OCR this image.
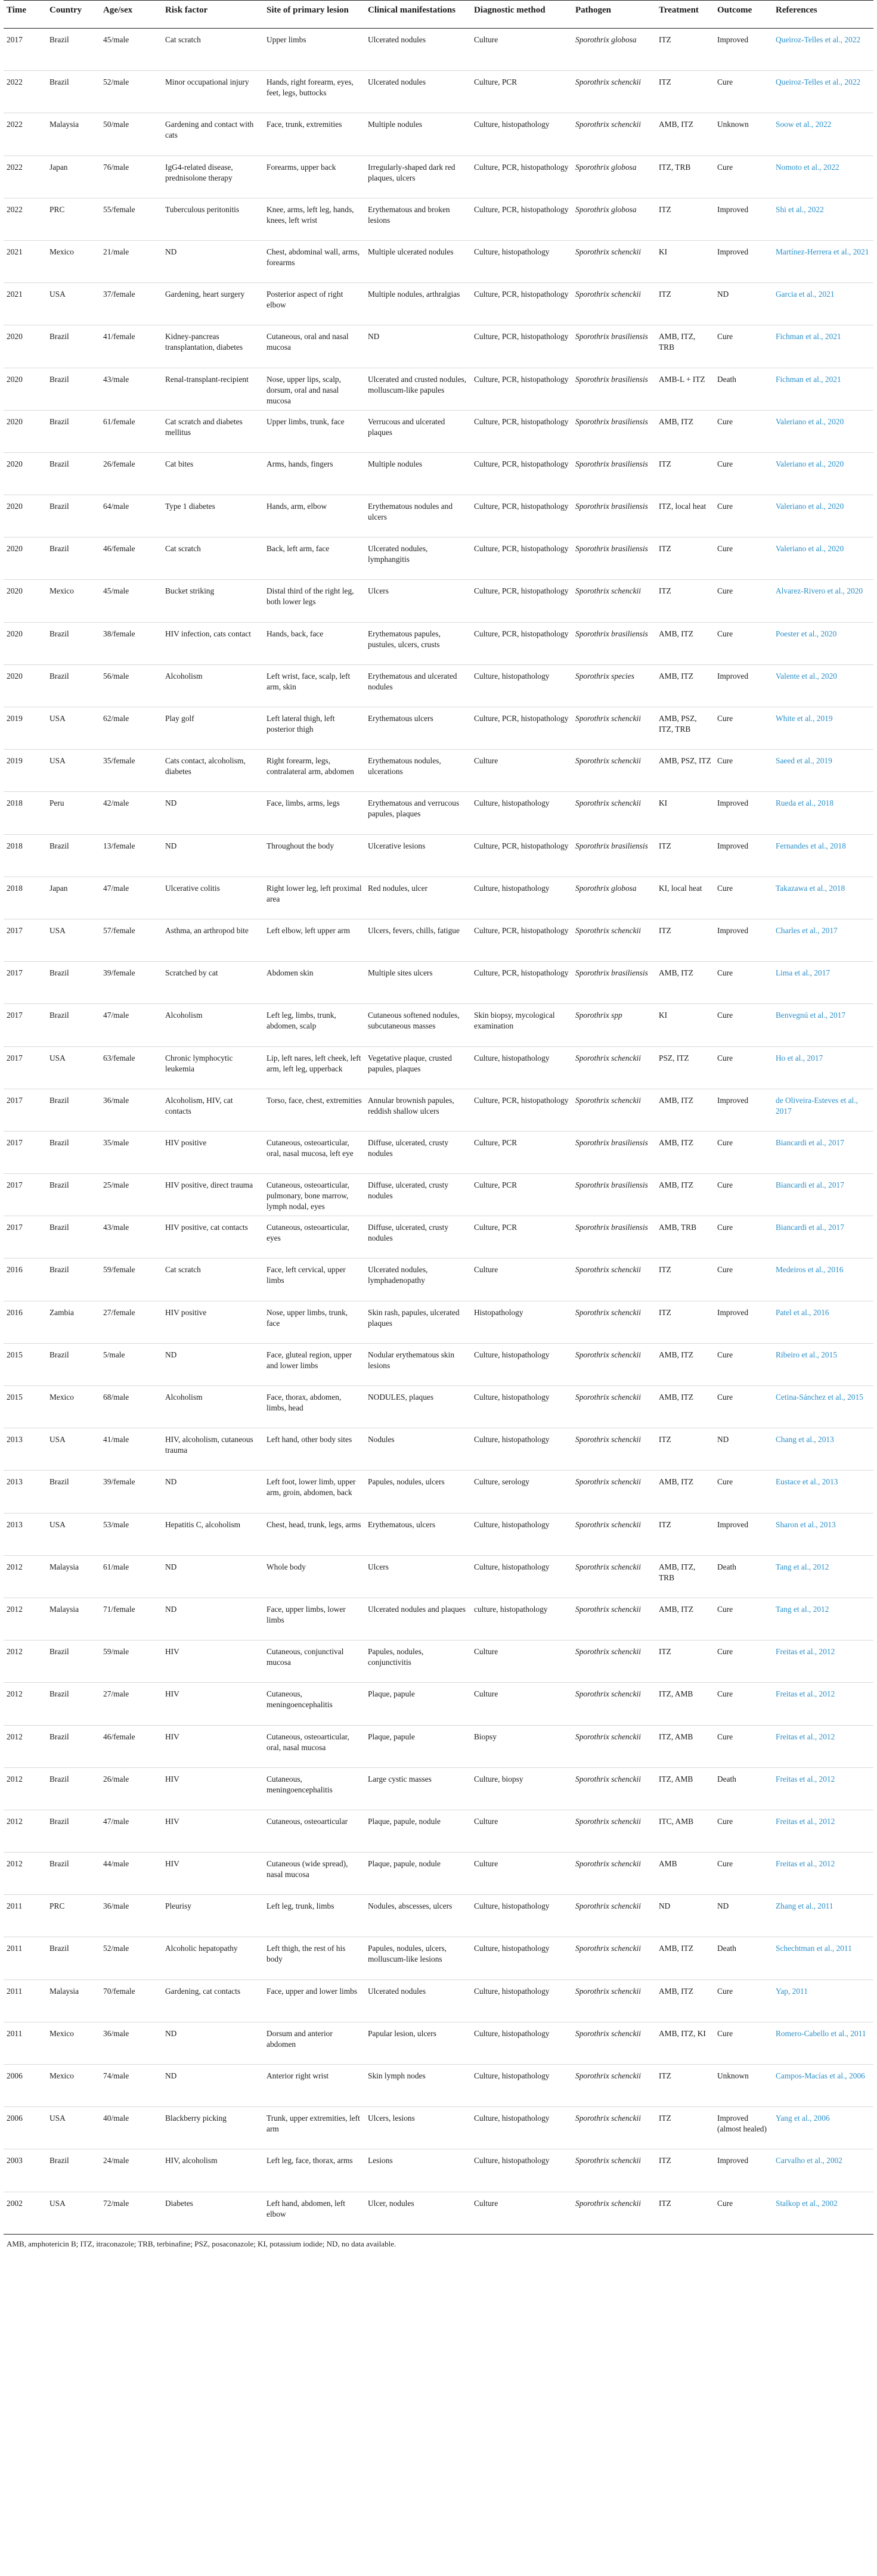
Time	Country	Age/sex	Risk factor	Site of primary lesion	Clinical manifestations	Diagnostic method	Pathogen	Treatment	Outcome	References
2017	Brazil	45/male	Cat scratch	Upper limbs	Ulcerated nodules	Culture	Sporothrix globosa	ITZ	Improved	Queiroz-Telles et al., 2022
2022	Brazil	52/male	Minor occupational injury	Hands, right forearm, eyes, feet, legs, buttocks	Ulcerated nodules	Culture, PCR	Sporothrix schenckii	ITZ	Cure	Queiroz-Telles et al., 2022
2022	Malaysia	50/male	Gardening and contact with cats	Face, trunk, extremities	Multiple nodules	Culture, histopathology	Sporothrix schenckii	AMB, ITZ	Unknown	Soow et al., 2022
2022	Japan	76/male	IgG4-related disease, prednisolone therapy	Forearms, upper back	Irregularly-shaped dark red plaques, ulcers	Culture, PCR, histopathology	Sporothrix globosa	ITZ, TRB	Cure	Nomoto et al., 2022
2022	PRC	55/female	Tuberculous peritonitis	Knee, arms, left leg, hands, knees, left wrist	Erythematous and broken lesions	Culture, PCR, histopathology	Sporothrix globosa	ITZ	Improved	Shi et al., 2022
2021	Mexico	21/male	ND	Chest, abdominal wall, arms, forearms	Multiple ulcerated nodules	Culture, histopathology	Sporothrix schenckii	KI	Improved	Martínez-Herrera et al., 2021
2021	USA	37/female	Gardening, heart surgery	Posterior aspect of right elbow	Multiple nodules, arthralgias	Culture, PCR, histopathology	Sporothrix schenckii	ITZ	ND	Garcia et al., 2021
2020	Brazil	41/female	Kidney-pancreas transplantation, diabetes	Cutaneous, oral and nasal mucosa	ND	Culture, PCR, histopathology	Sporothrix brasiliensis	AMB, ITZ, TRB	Cure	Fichman et al., 2021
2020	Brazil	43/male	Renal-transplant-recipient	Nose, upper lips, scalp, dorsum, oral and nasal mucosa	Ulcerated and crusted nodules, molluscum-like papules	Culture, PCR, histopathology	Sporothrix brasiliensis	AMB-L + ITZ	Death	Fichman et al., 2021
2020	Brazil	61/female	Cat scratch and diabetes mellitus	Upper limbs, trunk, face	Verrucous and ulcerated plaques	Culture, PCR, histopathology	Sporothrix brasiliensis	AMB, ITZ	Cure	Valeriano et al., 2020
2020	Brazil	26/female	Cat bites	Arms, hands, fingers	Multiple nodules	Culture, PCR, histopathology	Sporothrix brasiliensis	ITZ	Cure	Valeriano et al., 2020
2020	Brazil	64/male	Type 1 diabetes	Hands, arm, elbow	Erythematous nodules and ulcers	Culture, PCR, histopathology	Sporothrix brasiliensis	ITZ, local heat	Cure	Valeriano et al., 2020
2020	Brazil	46/female	Cat scratch	Back, left arm, face	Ulcerated nodules, lymphangitis	Culture, PCR, histopathology	Sporothrix brasiliensis	ITZ	Cure	Valeriano et al., 2020
2020	Mexico	45/male	Bucket striking	Distal third of the right leg, both lower legs	Ulcers	Culture, PCR, histopathology	Sporothrix schenckii	ITZ	Cure	Alvarez-Rivero et al., 2020
2020	Brazil	38/female	HIV infection, cats contact	Hands, back, face	Erythematous papules, pustules, ulcers, crusts	Culture, PCR, histopathology	Sporothrix brasiliensis	AMB, ITZ	Cure	Poester et al., 2020
2020	Brazil	56/male	Alcoholism	Left wrist, face, scalp, left arm, skin	Erythematous and ulcerated nodules	Culture, histopathology	Sporothrix species	AMB, ITZ	Improved	Valente et al., 2020
2019	USA	62/male	Play golf	Left lateral thigh, left posterior thigh	Erythematous ulcers	Culture, PCR, histopathology	Sporothrix schenckii	AMB, PSZ, ITZ, TRB	Cure	White et al., 2019
2019	USA	35/female	Cats contact, alcoholism, diabetes	Right forearm, legs, contralateral arm, abdomen	Erythematous nodules, ulcerations	Culture	Sporothrix schenckii	AMB, PSZ, ITZ	Cure	Saeed et al., 2019
2018	Peru	42/male	ND	Face, limbs, arms, legs	Erythematous and verrucous papules, plaques	Culture, histopathology	Sporothrix schenckii	KI	Improved	Rueda et al., 2018
2018	Brazil	13/female	ND	Throughout the body	Ulcerative lesions	Culture, PCR, histopathology	Sporothrix brasiliensis	ITZ	Improved	Fernandes et al., 2018
2018	Japan	47/male	Ulcerative colitis	Right lower leg, left proximal area	Red nodules, ulcer	Culture, histopathology	Sporothrix globosa	KI, local heat	Cure	Takazawa et al., 2018
2017	USA	57/female	Asthma, an arthropod bite	Left elbow, left upper arm	Ulcers, fevers, chills, fatigue	Culture, PCR, histopathology	Sporothrix schenckii	ITZ	Improved	Charles et al., 2017
2017	Brazil	39/female	Scratched by cat	Abdomen skin	Multiple sites ulcers	Culture, PCR, histopathology	Sporothrix brasiliensis	AMB, ITZ	Cure	Lima et al., 2017
2017	Brazil	47/male	Alcoholism	Left leg, limbs, trunk, abdomen, scalp	Cutaneous softened nodules, subcutaneous masses	Skin biopsy, mycological examination	Sporothrix spp	KI	Cure	Benvegnú et al., 2017
2017	USA	63/female	Chronic lymphocytic leukemia	Lip, left nares, left cheek, left arm, left leg, upperback	Vegetative plaque, crusted papules, plaques	Culture, histopathology	Sporothrix schenckii	PSZ, ITZ	Cure	Ho et al., 2017
2017	Brazil	36/male	Alcoholism, HIV, cat contacts	Torso, face, chest, extremities	Annular brownish papules, reddish shallow ulcers	Culture, PCR, histopathology	Sporothrix schenckii	AMB, ITZ	Improved	de Oliveira-Esteves et al., 2017
2017	Brazil	35/male	HIV positive	Cutaneous, osteoarticular, oral, nasal mucosa, left eye	Diffuse, ulcerated, crusty nodules	Culture, PCR	Sporothrix brasiliensis	AMB, ITZ	Cure	Biancardi et al., 2017
2017	Brazil	25/male	HIV positive, direct trauma	Cutaneous, osteoarticular, pulmonary, bone marrow, lymph nodal, eyes	Diffuse, ulcerated, crusty nodules	Culture, PCR	Sporothrix brasiliensis	AMB, ITZ	Cure	Biancardi et al., 2017
2017	Brazil	43/male	HIV positive, cat contacts	Cutaneous, osteoarticular, eyes	Diffuse, ulcerated, crusty nodules	Culture, PCR	Sporothrix brasiliensis	AMB, TRB	Cure	Biancardi et al., 2017
2016	Brazil	59/female	Cat scratch	Face, left cervical, upper limbs	Ulcerated nodules, lymphadenopathy	Culture	Sporothrix schenckii	ITZ	Cure	Medeiros et al., 2016
2016	Zambia	27/female	HIV positive	Nose, upper limbs, trunk, face	Skin rash, papules, ulcerated plaques	Histopathology	Sporothrix schenckii	ITZ	Improved	Patel et al., 2016
2015	Brazil	5/male	ND	Face, gluteal region, upper and lower limbs	Nodular erythematous skin lesions	Culture, histopathology	Sporothrix schenckii	AMB, ITZ	Cure	Ribeiro et al., 2015
2015	Mexico	68/male	Alcoholism	Face, thorax, abdomen, limbs, head	NODULES, plaques	Culture, histopathology	Sporothrix schenckii	AMB, ITZ	Cure	Cetina-Sánchez et al., 2015
2013	USA	41/male	HIV, alcoholism, cutaneous trauma	Left hand, other body sites	Nodules	Culture, histopathology	Sporothrix schenckii	ITZ	ND	Chang et al., 2013
2013	Brazil	39/female	ND	Left foot, lower limb, upper arm, groin, abdomen, back	Papules, nodules, ulcers	Culture, serology	Sporothrix schenckii	AMB, ITZ	Cure	Eustace et al., 2013
2013	USA	53/male	Hepatitis C, alcoholism	Chest, head, trunk, legs, arms	Erythematous, ulcers	Culture, histopathology	Sporothrix schenckii	ITZ	Improved	Sharon et al., 2013
2012	Malaysia	61/male	ND	Whole body	Ulcers	Culture, histopathology	Sporothrix schenckii	AMB, ITZ, TRB	Death	Tang et al., 2012
2012	Malaysia	71/female	ND	Face, upper limbs, lower limbs	Ulcerated nodules and plaques	culture, histopathology	Sporothrix schenckii	AMB, ITZ	Cure	Tang et al., 2012
2012	Brazil	59/male	HIV	Cutaneous, conjunctival mucosa	Papules, nodules, conjunctivitis	Culture	Sporothrix schenckii	ITZ	Cure	Freitas et al., 2012
2012	Brazil	27/male	HIV	Cutaneous, meningoencephalitis	Plaque, papule	Culture	Sporothrix schenckii	ITZ, AMB	Cure	Freitas et al., 2012
2012	Brazil	46/female	HIV	Cutaneous, osteoarticular, oral, nasal mucosa	Plaque, papule	Biopsy	Sporothrix schenckii	ITZ, AMB	Cure	Freitas et al., 2012
2012	Brazil	26/male	HIV	Cutaneous, meningoencephalitis	Large cystic masses	Culture, biopsy	Sporothrix schenckii	ITZ, AMB	Death	Freitas et al., 2012
2012	Brazil	47/male	HIV	Cutaneous, osteoarticular	Plaque, papule, nodule	Culture	Sporothrix schenckii	ITC, AMB	Cure	Freitas et al., 2012
2012	Brazil	44/male	HIV	Cutaneous (wide spread), nasal mucosa	Plaque, papule, nodule	Culture	Sporothrix schenckii	AMB	Cure	Freitas et al., 2012
2011	PRC	36/male	Pleurisy	Left leg, trunk, limbs	Nodules, abscesses, ulcers	Culture, histopathology	Sporothrix schenckii	ND	ND	Zhang et al., 2011
2011	Brazil	52/male	Alcoholic hepatopathy	Left thigh, the rest of his body	Papules, nodules, ulcers, molluscum-like lesions	Culture, histopathology	Sporothrix schenckii	AMB, ITZ	Death	Schechtman et al., 2011
2011	Malaysia	70/female	Gardening, cat contacts	Face, upper and lower limbs	Ulcerated nodules	Culture, histopathology	Sporothrix schenckii	AMB, ITZ	Cure	Yap, 2011
2011	Mexico	36/male	ND	Dorsum and anterior abdomen	Papular lesion, ulcers	Culture, histopathology	Sporothrix schenckii	AMB, ITZ, KI	Cure	Romero-Cabello et al., 2011
2006	Mexico	74/male	ND	Anterior right wrist	Skin lymph nodes	Culture, histopathology	Sporothrix schenckii	ITZ	Unknown	Campos-Macías et al., 2006
2006	USA	40/male	Blackberry picking	Trunk, upper extremities, left arm	Ulcers, lesions	Culture, histopathology	Sporothrix schenckii	ITZ	Improved (almost healed)	Yang et al., 2006
2003	Brazil	24/male	HIV, alcoholism	Left leg, face, thorax, arms	Lesions	Culture, histopathology	Sporothrix schenckii	ITZ	Improved	Carvalho et al., 2002
2002	USA	72/male	Diabetes	Left hand, abdomen, left elbow	Ulcer, nodules	Culture	Sporothrix schenckii	ITZ	Cure	Stalkop et al., 2002
AMB, amphotericin B; ITZ, itraconazole; TRB, terbinafine; PSZ, posaconazole; KI, potassium iodide; ND, no data available.
